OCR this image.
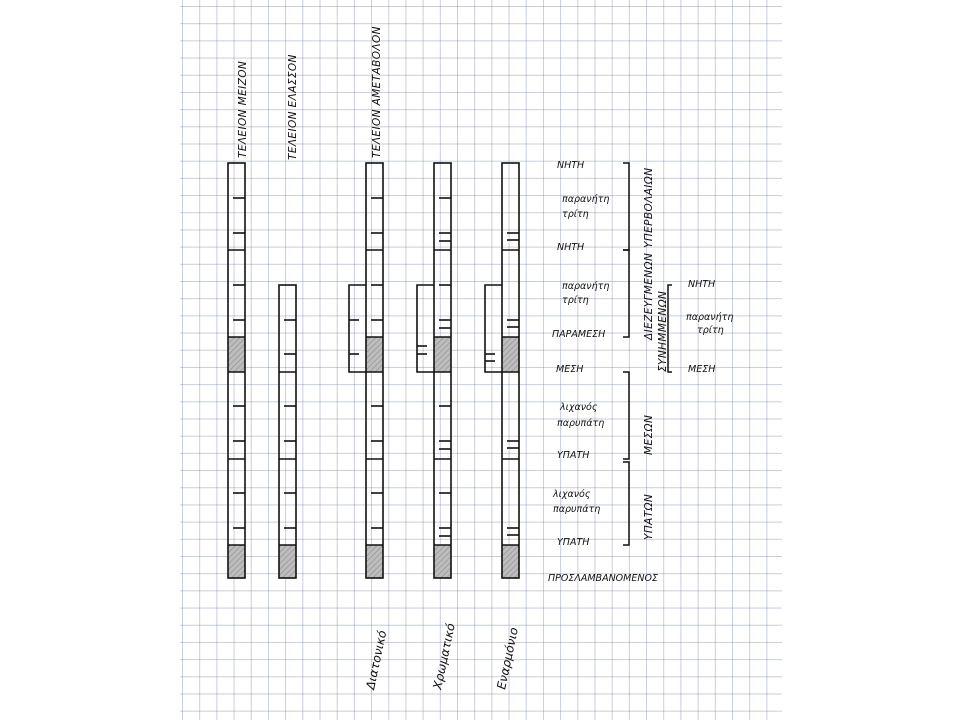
ΤΕΛΕΙΟΝ ΜΕΙΖΟΝ	ΤΕΛΕΙΟΝ ΕΛΑΣΣΟΝ	ΤΕΛΕΙΟΝ ΑΜΕΤΑΒΟΛΟΝ
ΝΗΤΗ
παρανήτη
τρίτη
ΝΗΤΗ
παρανήτη
τρίτη
ΠΑΡΑΜΕΣΗ
ΜΕΣΗ
λιχανός
παρυπάτη
ΥΠΑΤΗ
λιχανός
παρυπάτη
ΥΠΑΤΗ
ΠΡΟΣΛΑΜΒΑΝΟΜΕΝΟΣ
ΥΠΕΡΒΟΛΑΙΩΝ
ΔΙΕΖΕΥΓΜΕΝΩΝ
ΜΕΣΩΝ
ΥΠΑΤΩΝ
ΣΥΝΗΜΜΕΝΩΝ
ΝΗΤΗ
παρανήτη
τρίτη
ΜΕΣΗ
Διατονικό	Χρωματικό	Εναρμόνιο
